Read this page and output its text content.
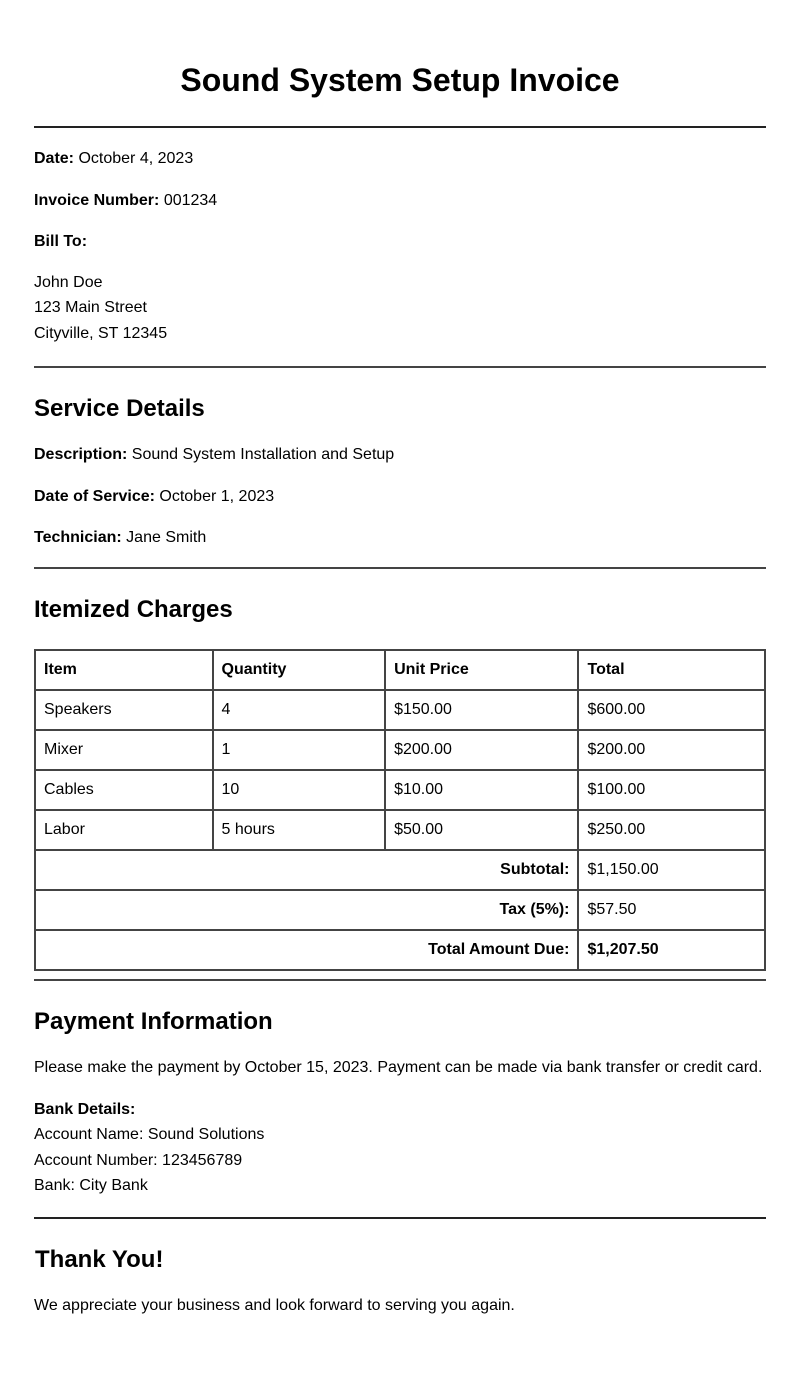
Sound System Setup Invoice

Date: October 4, 2023

Invoice Number: 001234

Bill To:

John Doe
123 Main Street
Cityville, ST 12345
Service Details

Description: Sound System Installation and Setup

Date of Service: October 1, 2023

Technician: Jane Smith

Itemized Charges
Item	Quantity	Unit Price	Total
Speakers	4	$150.00	$600.00
Mixer	1	$200.00	$200.00
Cables	10	$10.00	$100.00
Labor	5 hours	$50.00	$250.00
Subtotal:			$1,150.00
Tax (5%):			$57.50
Total Amount Due:			$1,207.50
Payment Information

Please make the payment by October 15, 2023. Payment can be made via bank transfer or credit card.

Bank Details:
Account Name: Sound Solutions
Account Number: 123456789
Bank: City Bank
Thank You!

We appreciate your business and look forward to serving you again.
